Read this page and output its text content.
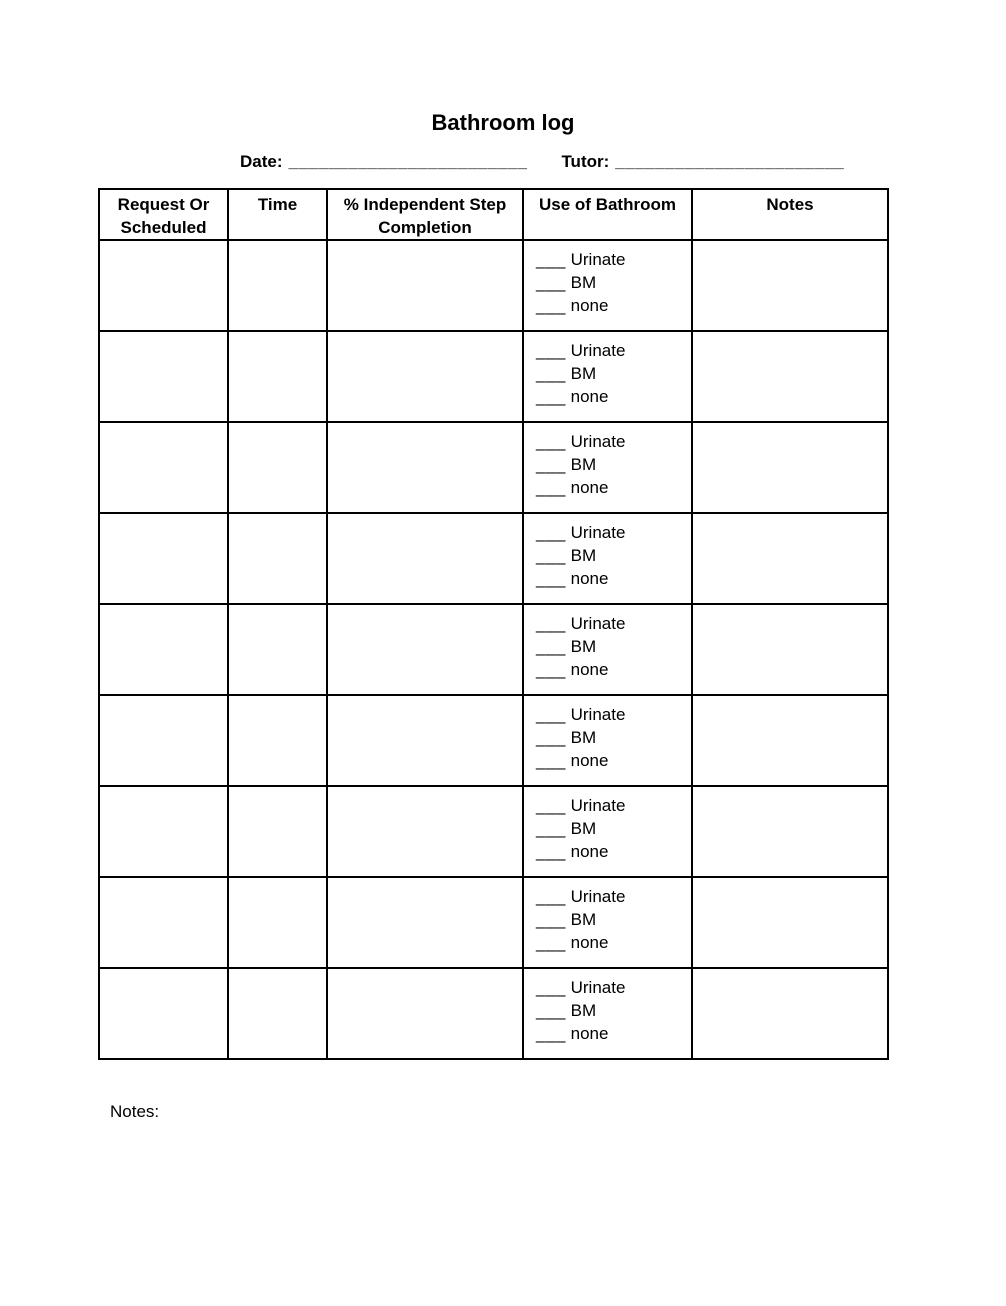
Bathroom log
Date: ________________________ Tutor: _______________________
Request Or Scheduled	Time	% Independent Step Completion	Use of Bathroom	Notes

			___ Urinate
___ BM
___ none	

			___ Urinate
___ BM
___ none	

			___ Urinate
___ BM
___ none	

			___ Urinate
___ BM
___ none	

			___ Urinate
___ BM
___ none	

			___ Urinate
___ BM
___ none	

			___ Urinate
___ BM
___ none	

			___ Urinate
___ BM
___ none	

			___ Urinate
___ BM
___ none	

Notes:
